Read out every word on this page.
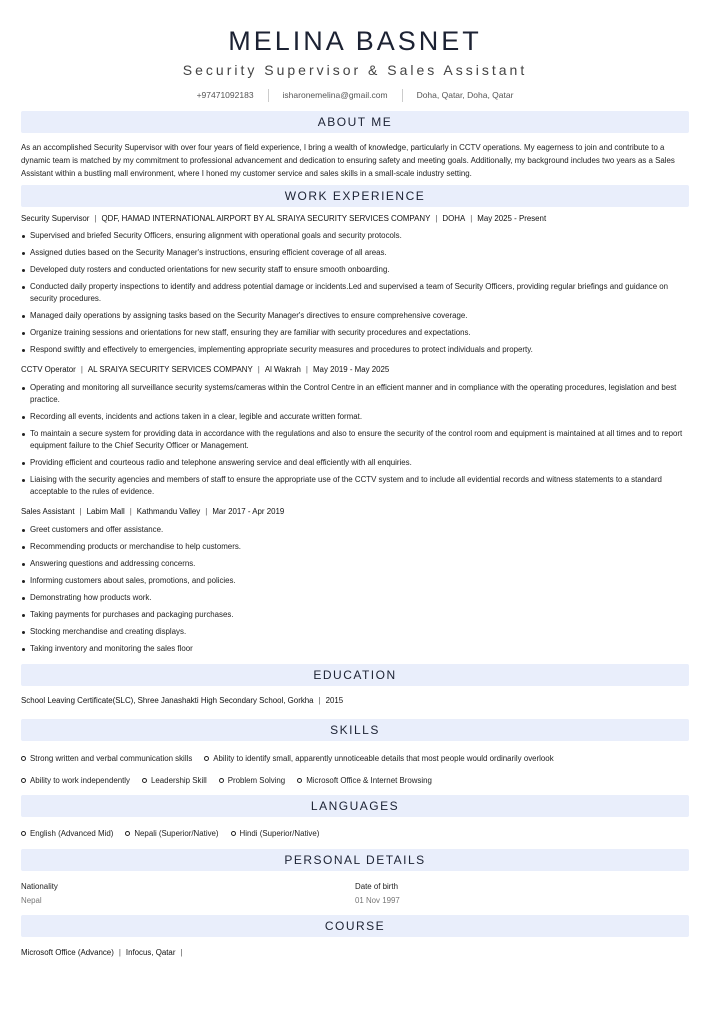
MELINA BASNET
Security Supervisor & Sales Assistant
+97471092183	isharonemelina@gmail.com	Doha, Qatar, Doha, Qatar
ABOUT ME

As an accomplished Security Supervisor with over four years of field experience, I bring a wealth of knowledge, particularly in CCTV operations. My eagerness to join and contribute to a dynamic team is matched by my commitment to professional advancement and dedication to ensuring safety and meeting goals. Additionally, my background includes two years as a Sales Assistant within a bustling mall environment, where I honed my customer service and sales skills in a small-scale industry setting.

WORK EXPERIENCE
Security Supervisor | QDF, HAMAD INTERNATIONAL AIRPORT BY AL SRAIYA SECURITY SERVICES COMPANY | DOHA | May 2025 - Present
Supervised and briefed Security Officers, ensuring alignment with operational goals and security protocols.
Assigned duties based on the Security Manager's instructions, ensuring efficient coverage of all areas.
Developed duty rosters and conducted orientations for new security staff to ensure smooth onboarding.
Conducted daily property inspections to identify and address potential damage or incidents.Led and supervised a team of Security Officers, providing regular briefings and guidance on security procedures.
Managed daily operations by assigning tasks based on the Security Manager's directives to ensure comprehensive coverage.
Organize training sessions and orientations for new staff, ensuring they are familiar with security procedures and expectations.
Respond swiftly and effectively to emergencies, implementing appropriate security measures and procedures to protect individuals and property.
CCTV Operator | AL SRAIYA SECURITY SERVICES COMPANY | Al Wakrah | May 2019 - May 2025
Operating and monitoring all surveillance security systems/cameras within the Control Centre in an efficient manner and in compliance with the operating procedures, legislation and best practice.
Recording all events, incidents and actions taken in a clear, legible and accurate written format.
To maintain a secure system for providing data in accordance with the regulations and also to ensure the security of the control room and equipment is maintained at all times and to report equipment failure to the Chief Security Officer or Management.
Providing efficient and courteous radio and telephone answering service and deal efficiently with all enquiries.
Liaising with the security agencies and members of staff to ensure the appropriate use of the CCTV system and to include all evidential records and witness statements to a standard acceptable to the rules of evidence.
Sales Assistant | Labim Mall | Kathmandu Valley | Mar 2017 - Apr 2019
Greet customers and offer assistance.
Recommending products or merchandise to help customers.
Answering questions and addressing concerns.
Informing customers about sales, promotions, and policies.
Demonstrating how products work.
Taking payments for purchases and packaging purchases.
Stocking merchandise and creating displays.
Taking inventory and monitoring the sales floor
EDUCATION
School Leaving Certificate(SLC), Shree Janashakti High Secondary School, Gorkha | 2015
SKILLS
Strong written and verbal communication skills	Ability to identify small, apparently unnoticeable details that most people would ordinarily overlook
Ability to work independently	Leadership Skill	Problem Solving	Microsoft Office & Internet Browsing
LANGUAGES
English (Advanced Mid)	Nepali (Superior/Native)	Hindi (Superior/Native)
PERSONAL DETAILS
Nationality
Nepal
Date of birth
01 Nov 1997
COURSE
Microsoft Office (Advance) | Infocus, Qatar |
